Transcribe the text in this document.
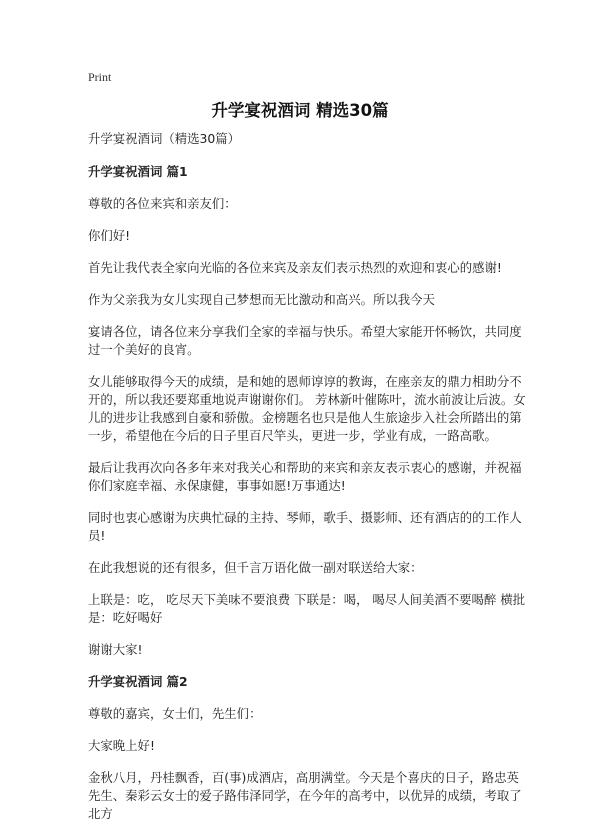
Print
升学宴祝酒词 精选30篇

升学宴祝酒词（精选30篇）

升学宴祝酒词 篇1

尊敬的各位来宾和亲友们：

你们好!

首先让我代表全家向光临的各位来宾及亲友们表示热烈的欢迎和衷心的感谢!

作为父亲我为女儿实现自己梦想而无比激动和高兴。所以我今天

宴请各位，请各位来分享我们全家的幸福与快乐。希望大家能开怀畅饮，共同度过一个美好的良宵。

女儿能够取得今天的成绩，是和她的恩师谆谆的教诲，在座亲友的鼎力相助分不开的，所以我还要郑重地说声谢谢你们。 芳林新叶催陈叶，流水前波让后波。女儿的进步让我感到自豪和骄傲。金榜题名也只是他人生旅途步入社会所踏出的第一步，希望他在今后的日子里百尺竿头，更进一步，学业有成，一路高歌。

最后让我再次向各多年来对我关心和帮助的来宾和亲友表示衷心的感谢，并祝福你们家庭幸福、永保康健，事事如愿!万事通达!

同时也衷心感谢为庆典忙碌的主持、琴师，歌手、摄影师、还有酒店的的工作人员!

在此我想说的还有很多，但千言万语化做一副对联送给大家：

上联是：吃， 吃尽天下美味不要浪费 下联是：喝， 喝尽人间美酒不要喝醉 横批是：吃好喝好

谢谢大家!

升学宴祝酒词 篇2

尊敬的嘉宾，女士们，先生们：

大家晚上好!

金秋八月，丹桂飘香，百(事)成酒店，高朋满堂。今天是个喜庆的日子，路忠英先生、秦彩云女士的爱子路伟泽同学，在今年的高考中，以优异的成绩，考取了北方
